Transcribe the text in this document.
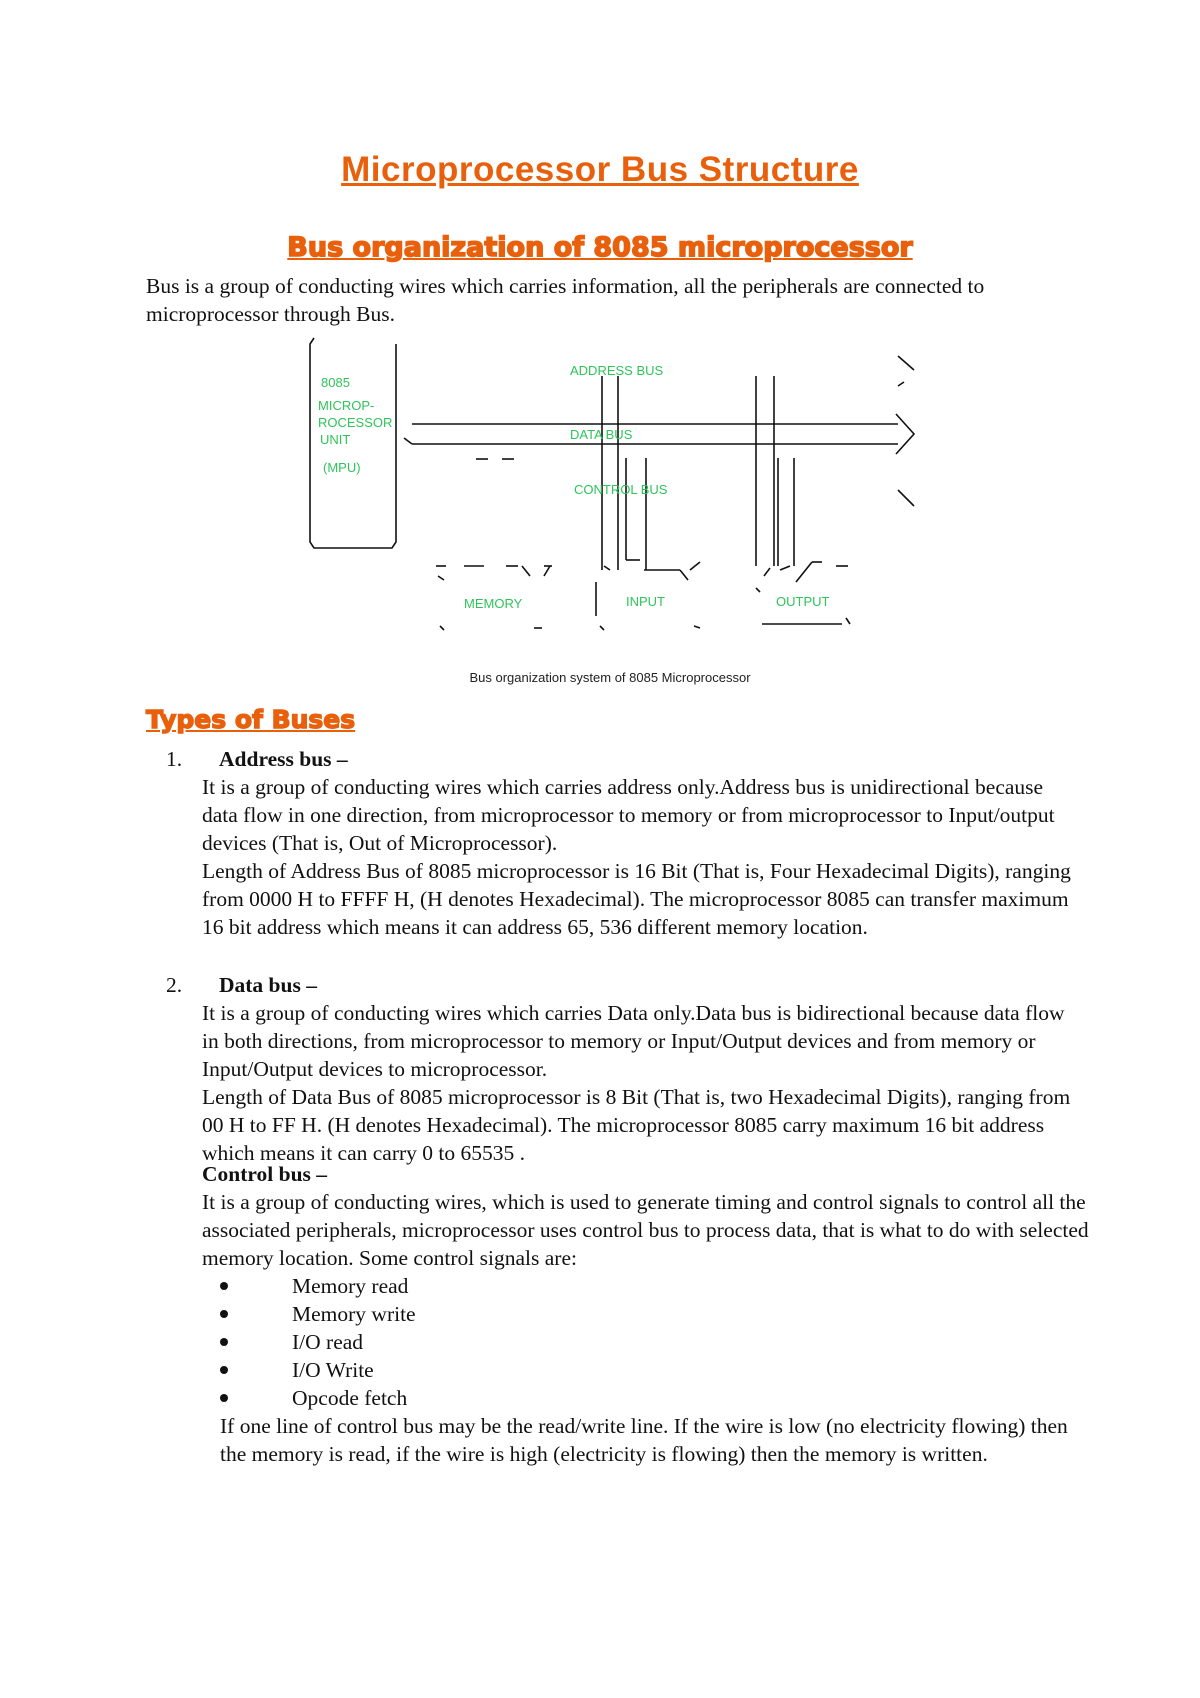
Microprocessor Bus Structure
Bus organization of 8085 microprocessor

Bus is a group of conducting wires which carries information, all the peripherals are connected to microprocessor through Bus.

8085
MICROP-
ROCESSOR
UNIT
(MPU)
ADDRESS BUS
DATA BUS
CONTROL BUS
MEMORY	INPUT	OUTPUT
Bus organization system of 8085 Microprocessor
Types of Buses
1. Address bus –

It is a group of conducting wires which carries address only.Address bus is unidirectional because data flow in one direction, from microprocessor to memory or from microprocessor to Input/output devices (That is, Out of Microprocessor).

Length of Address Bus of 8085 microprocessor is 16 Bit (That is, Four Hexadecimal Digits), ranging from 0000 H to FFFF H, (H denotes Hexadecimal). The microprocessor 8085 can transfer maximum 16 bit address which means it can address 65, 536 different memory location.

2. Data bus –

It is a group of conducting wires which carries Data only.Data bus is bidirectional because data flow in both directions, from microprocessor to memory or Input/Output devices and from memory or Input/Output devices to microprocessor.

Length of Data Bus of 8085 microprocessor is 8 Bit (That is, two Hexadecimal Digits), ranging from 00 H to FF H. (H denotes Hexadecimal). The microprocessor 8085 carry maximum 16 bit address which means it can carry 0 to 65535 .

Control bus –

It is a group of conducting wires, which is used to generate timing and control signals to control all the associated peripherals, microprocessor uses control bus to process data, that is what to do with selected memory location. Some control signals are:

Memory read
Memory write
I/O read
I/O Write
Opcode fetch

If one line of control bus may be the read/write line. If the wire is low (no electricity flowing) then the memory is read, if the wire is high (electricity is flowing) then the memory is written.
